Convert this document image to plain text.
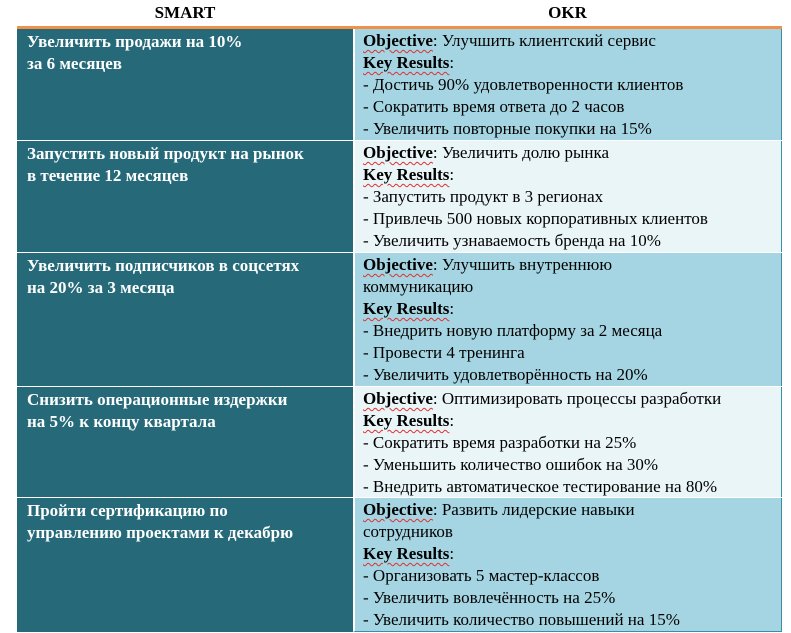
SMART	OKR
Увеличить продажи на 10%
за 6 месяцев
Objective: Улучшить клиентский сервис
Key Results:
- Достичь 90% удовлетворенности клиентов
- Сократить время ответа до 2 часов
- Увеличить повторные покупки на 15%
Запустить новый продукт на рынок
в течение 12 месяцев
Objective: Увеличить долю рынка
Key Results:
- Запустить продукт в 3 регионах
- Привлечь 500 новых корпоративных клиентов
- Увеличить узнаваемость бренда на 10%
Увеличить подписчиков в соцсетях
на 20% за 3 месяца
Objective: Улучшить внутреннюю
коммуникацию
Key Results:
- Внедрить новую платформу за 2 месяца
- Провести 4 тренинга
- Увеличить удовлетворённость на 20%
Снизить операционные издержки
на 5% к концу квартала
Objective: Оптимизировать процессы разработки
Key Results:
- Сократить время разработки на 25%
- Уменьшить количество ошибок на 30%
- Внедрить автоматическое тестирование на 80%
Пройти сертификацию по
управлению проектами к декабрю
Objective: Развить лидерские навыки
сотрудников
Key Results:
- Организовать 5 мастер-классов
- Увеличить вовлечённость на 25%
- Увеличить количество повышений на 15%
